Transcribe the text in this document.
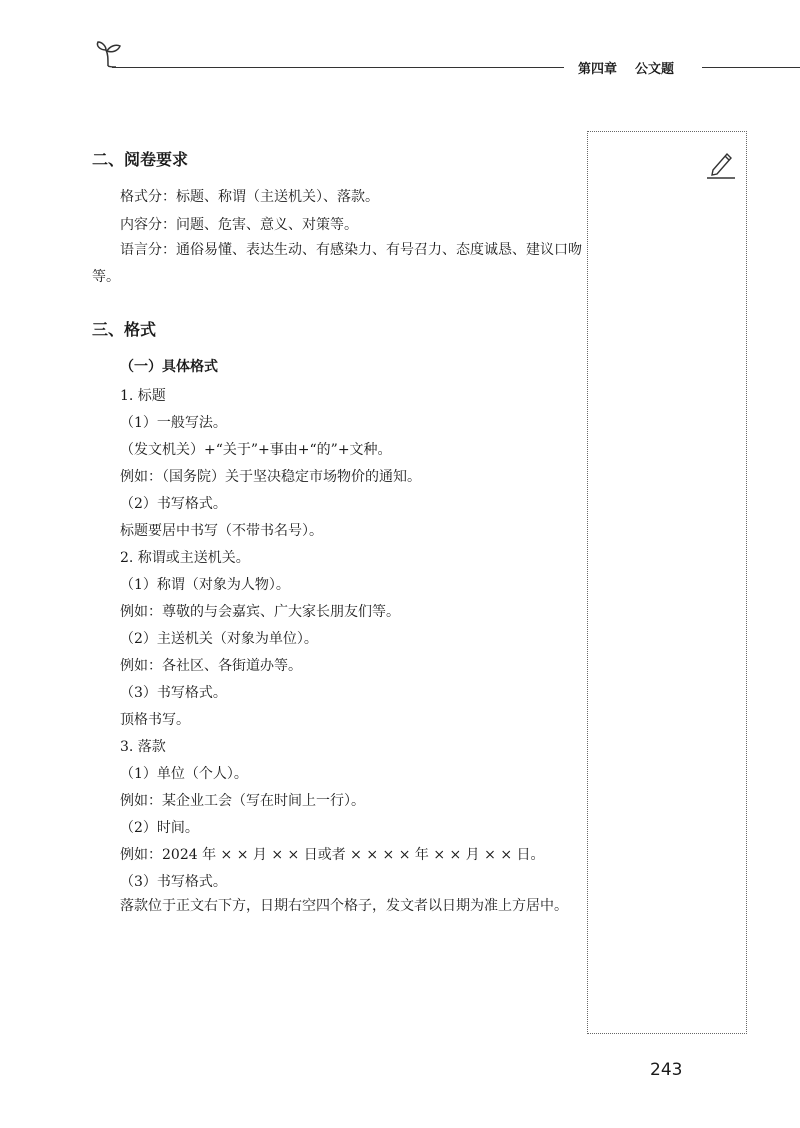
第四章 公文题
二、阅卷要求
格式分：标题、称谓（主送机关）、落款。
内容分：问题、危害、意义、对策等。
语言分：通俗易懂、表达生动、有感染力、有号召力、态度诚恳、建议口吻等。
三、格式
（一）具体格式
1. 标题
（1）一般写法。
（发文机关）+“关于”+事由+“的”+文种。
例如：（国务院）关于坚决稳定市场物价的通知。
（2）书写格式。
标题要居中书写（不带书名号）。
2. 称谓或主送机关。
（1）称谓（对象为人物）。
例如：尊敬的与会嘉宾、广大家长朋友们等。
（2）主送机关（对象为单位）。
例如：各社区、各街道办等。
（3）书写格式。
顶格书写。
3. 落款
（1）单位（个人）。
例如：某企业工会（写在时间上一行）。
（2）时间。
例如：2024 年 × × 月 × × 日或者 × × × × 年 × × 月 × × 日。
（3）书写格式。
落款位于正文右下方，日期右空四个格子，发文者以日期为准上方居中。
243
